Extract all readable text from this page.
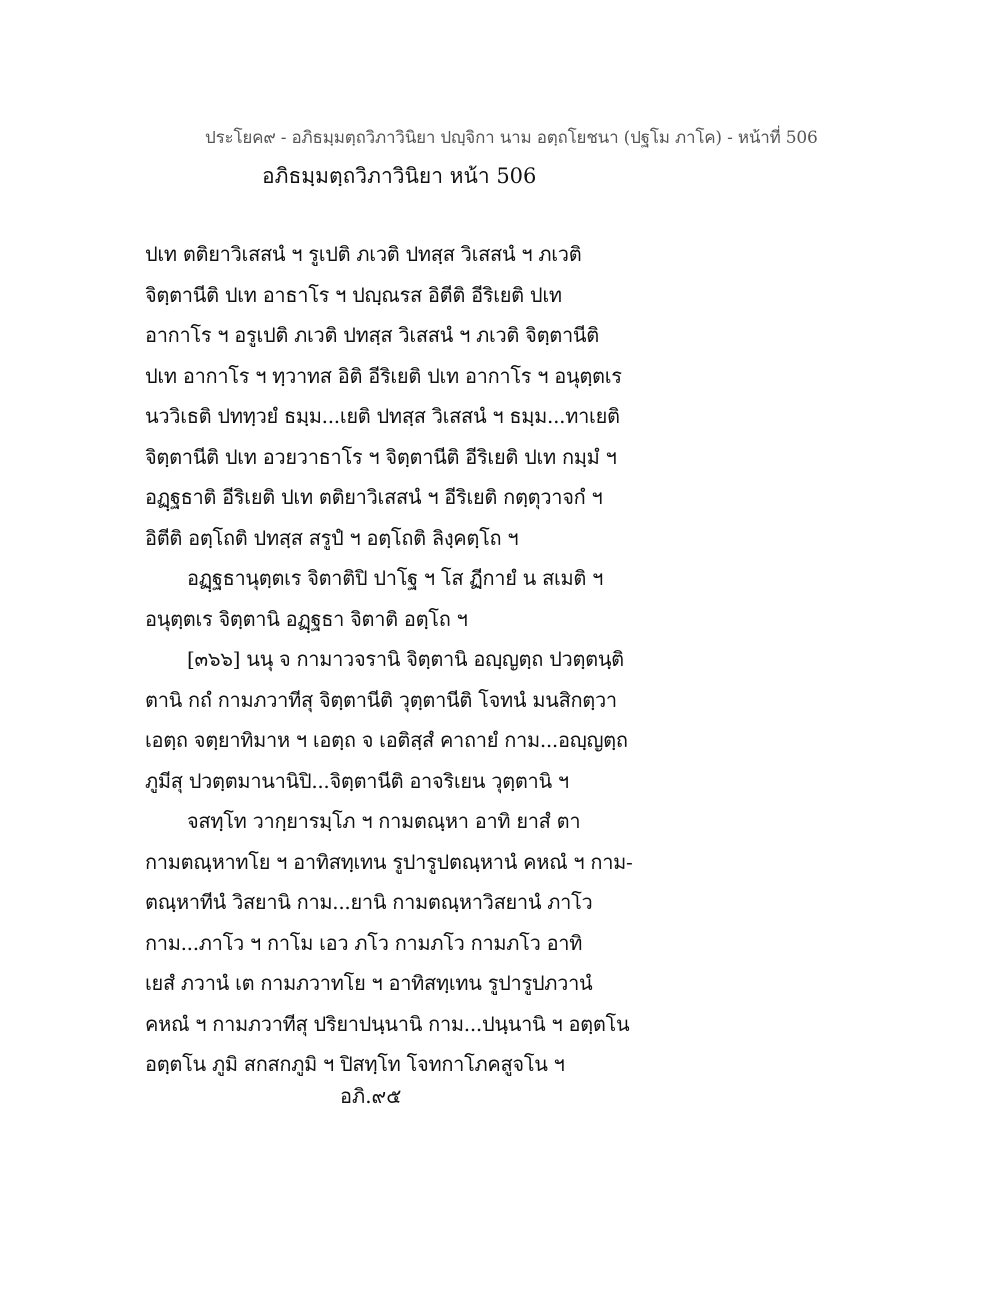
ประโยค๙ - อภิธมฺมตฺถวิภาวินิยา ปญฺจิกา นาม อตฺถโยชนา (ปฐโม ภาโค) - หน้าที่ 506
อภิธมฺมตฺถวิภาวินิยา หน้า 506
ปเท ตติยาวิเสสนํ ฯ รูเปติ ภเวติ ปทสฺส วิเสสนํ ฯ ภเวติ
จิตฺตานีติ ปเท อาธาโร ฯ ปญฺณรส อิตีติ อีริเยติ ปเท
อากาโร ฯ อรูเปติ ภเวติ ปทสฺส วิเสสนํ ฯ ภเวติ จิตฺตานีติ
ปเท อากาโร ฯ ทฺวาทส อิติ อีริเยติ ปเท อากาโร ฯ อนุตฺตเร
นววิเธติ ปททฺวยํ ธมฺม...เยติ ปทสฺส วิเสสนํ ฯ ธมฺม...ทาเยติ
จิตฺตานีติ ปเท อวยวาธาโร ฯ จิตฺตานีติ อีริเยติ ปเท กมฺมํ ฯ
อฏฺฐธาติ อีริเยติ ปเท ตติยาวิเสสนํ ฯ อีริเยติ กตฺตุวาจกํ ฯ
อิตีติ อตฺโถติ ปทสฺส สรูปํ ฯ อตฺโถติ ลิงฺคตฺโถ ฯ
อฏฺฐธานุตฺตเร จิตาติปิ ปาโฐ ฯ โส ฏีกายํ น สเมติ ฯ
อนุตฺตเร จิตฺตานิ อฏฺฐธา จิตาติ อตฺโถ ฯ
[๓๖๖] นนุ จ กามาวจรานิ จิตฺตานิ อญฺญตฺถ ปวตฺตนฺติ
ตานิ กถํ กามภวาทีสุ จิตฺตานีติ วุตฺตานีติ โจทนํ มนสิกตฺวา
เอตฺถ จตฺยาทิมาห ฯ เอตฺถ จ เอติสฺสํ คาถายํ กาม...อญฺญตฺถ
ภูมีสุ ปวตฺตมานานิปิ...จิตฺตานีติ อาจริเยน วุตฺตานิ ฯ
จสทฺโท วากฺยารมฺโภ ฯ กามตณฺหา อาทิ ยาสํ ตา
กามตณฺหาทโย ฯ อาทิสทฺเทน รูปารูปตณฺหานํ คหณํ ฯ กาม-
ตณฺหาทีนํ วิสยานิ กาม...ยานิ กามตณฺหาวิสยานํ ภาโว
กาม...ภาโว ฯ กาโม เอว ภโว กามภโว กามภโว อาทิ
เยสํ ภวานํ เต กามภวาทโย ฯ อาทิสทฺเทน รูปารูปภวานํ
คหณํ ฯ กามภวาทีสุ ปริยาปนฺนานิ กาม...ปนฺนานิ ฯ อตฺตโน
อตฺตโน ภูมิ สกสกภูมิ ฯ ปิสทฺโท โจทกาโภคสูจโน ฯ
อภิ.๙๕
